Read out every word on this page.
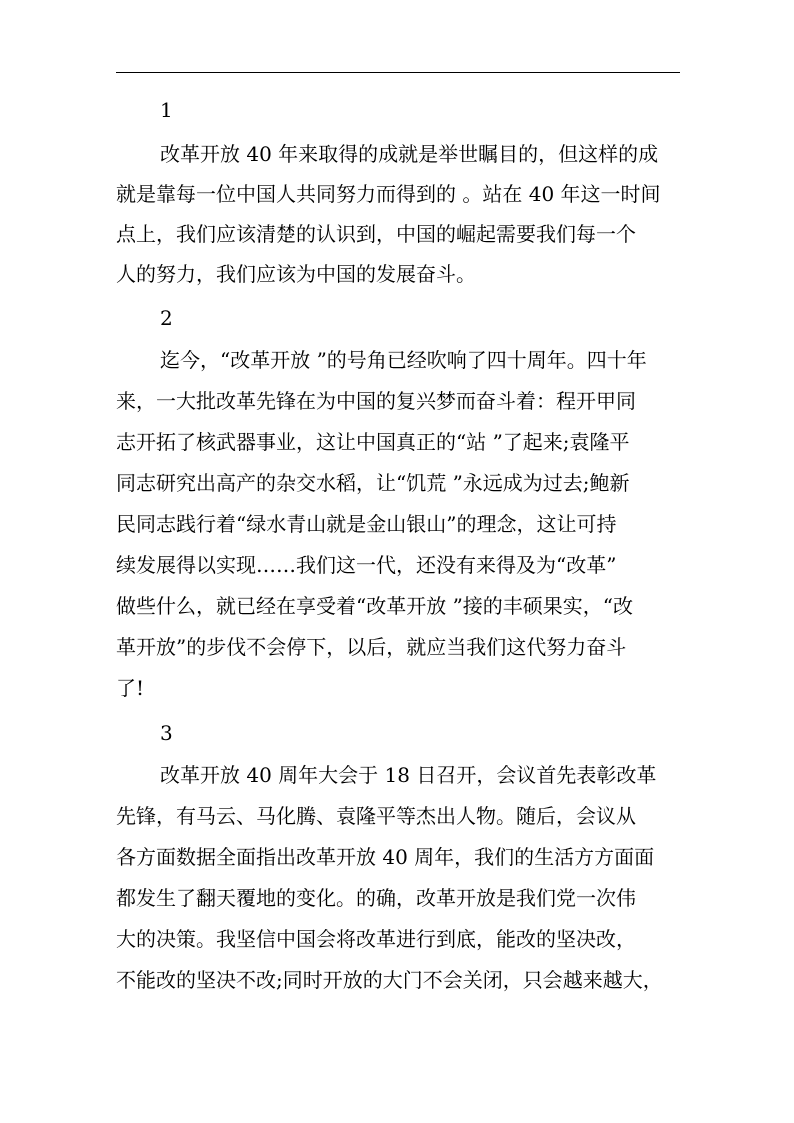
1
改革开放 40 年来取得的成就是举世瞩目的，但这样的成
就是靠每一位中国人共同努力而得到的 。站在 40 年这一时间
点上，我们应该清楚的认识到，中国的崛起需要我们每一个
人的努力，我们应该为中国的发展奋斗。
2
迄今，“改革开放 ”的号角已经吹响了四十周年。四十年
来，一大批改革先锋在为中国的复兴梦而奋斗着：程开甲同
志开拓了核武器事业，这让中国真正的“站 ”了起来;袁隆平
同志研究出高产的杂交水稻，让“饥荒 ”永远成为过去;鲍新
民同志践行着“绿水青山就是金山银山”的理念，这让可持
续发展得以实现……我们这一代，还没有来得及为“改革”
做些什么，就已经在享受着“改革开放 ”接的丰硕果实，“改
革开放”的步伐不会停下，以后，就应当我们这代努力奋斗
了!
3
改革开放 40 周年大会于 18 日召开，会议首先表彰改革
先锋，有马云、马化腾、袁隆平等杰出人物。随后，会议从
各方面数据全面指出改革开放 40 周年，我们的生活方方面面
都发生了翻天覆地的变化。的确，改革开放是我们党一次伟
大的决策。我坚信中国会将改革进行到底，能改的坚决改，
不能改的坚决不改;同时开放的大门不会关闭，只会越来越大，
